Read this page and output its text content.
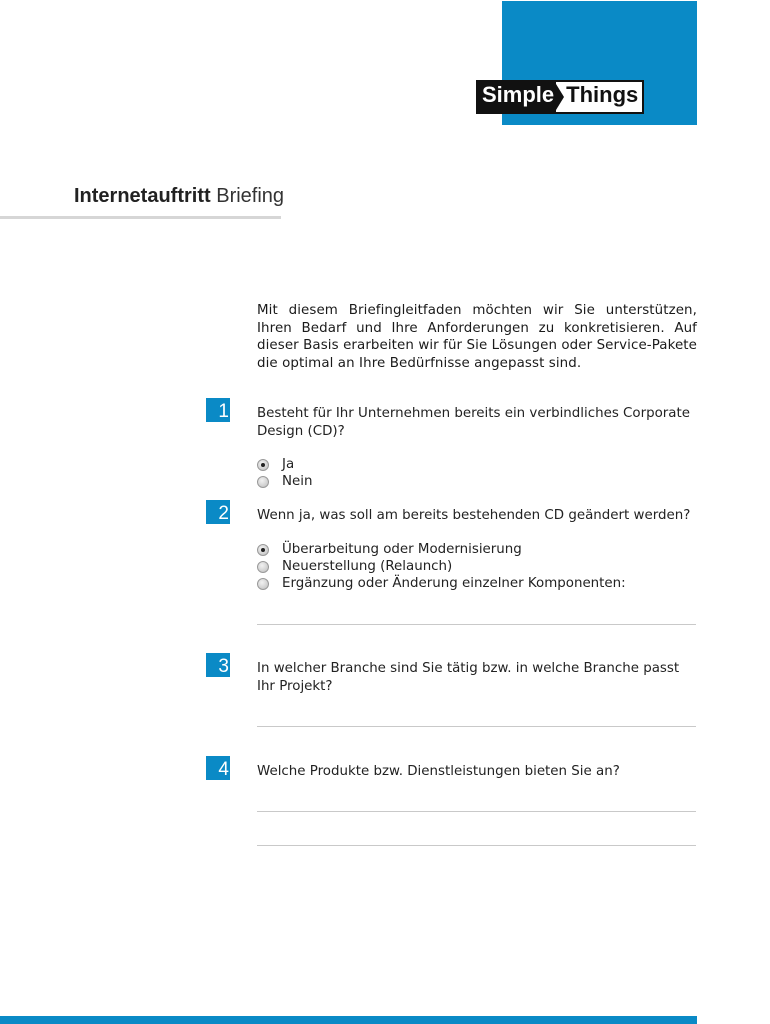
Simple Things
Internetauftritt Briefing
Mit diesem Briefingleitfaden möchten wir Sie unterstützen, Ihren Bedarf und Ihre Anforderungen zu konkretisieren. Auf dieser Basis erarbeiten wir für Sie Lösungen oder Service-Pakete die optimal an Ihre Bedürfnisse angepasst sind.
1 Besteht für Ihr Unternehmen bereits ein verbindliches Corporate Design (CD)?
Ja
Nein
2 Wenn ja, was soll am bereits bestehenden CD geändert werden?
Überarbeitung oder Modernisierung
Neuerstellung (Relaunch)
Ergänzung oder Änderung einzelner Komponenten:
3 In welcher Branche sind Sie tätig bzw. in welche Branche passt Ihr Projekt?
4 Welche Produkte bzw. Dienstleistungen bieten Sie an?
